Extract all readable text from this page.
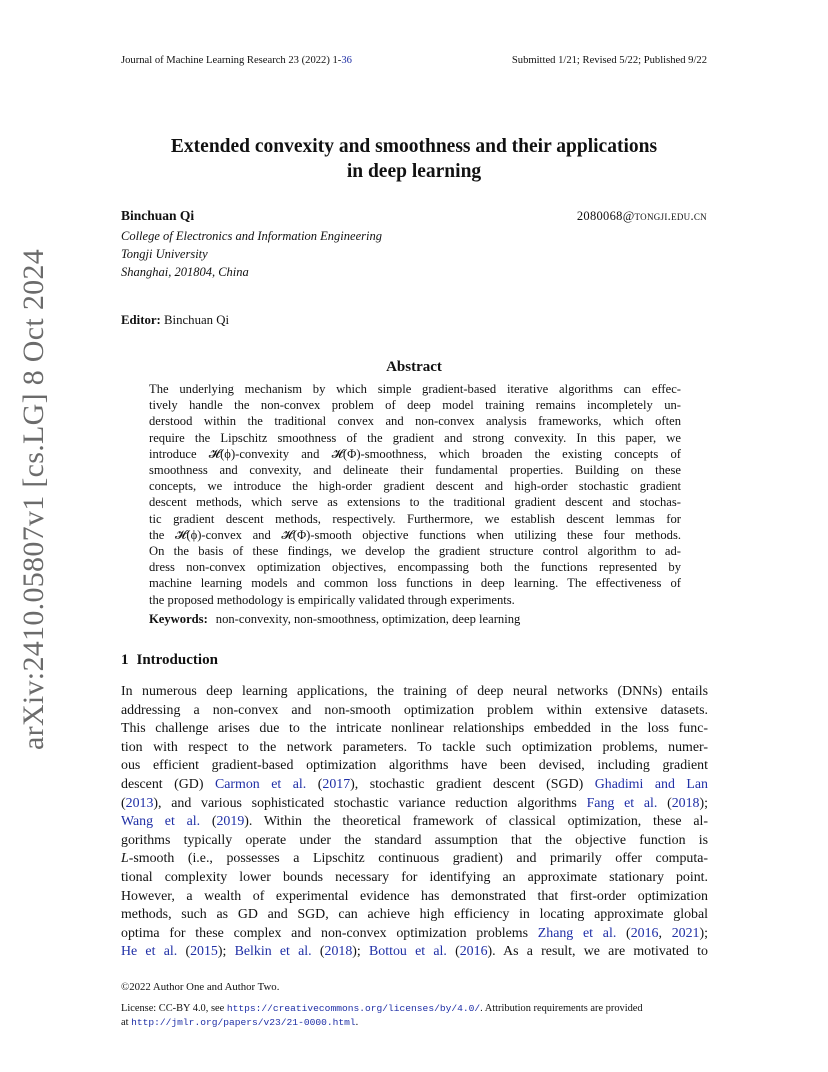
Journal of Machine Learning Research 23 (2022) 1-36	Submitted 1/21; Revised 5/22; Published 9/22
arXiv:2410.05807v1 [cs.LG] 8 Oct 2024
Extended convexity and smoothness and their applications
in deep learning
Binchuan Qi	2080068@tongji.edu.cn
College of Electronics and Information Engineering
Tongji University
Shanghai, 201804, China
Editor: Binchuan Qi
Abstract
The underlying mechanism by which simple gradient-based iterative algorithms can effec-
tively handle the non-convex problem of deep model training remains incompletely un-
derstood within the traditional convex and non-convex analysis frameworks, which often
require the Lipschitz smoothness of the gradient and strong convexity. In this paper, we
introduce 𝓗(ϕ)-convexity and 𝓗(Φ)-smoothness, which broaden the existing concepts of
smoothness and convexity, and delineate their fundamental properties. Building on these
concepts, we introduce the high-order gradient descent and high-order stochastic gradient
descent methods, which serve as extensions to the traditional gradient descent and stochas-
tic gradient descent methods, respectively. Furthermore, we establish descent lemmas for
the 𝓗(ϕ)-convex and 𝓗(Φ)-smooth objective functions when utilizing these four methods.
On the basis of these findings, we develop the gradient structure control algorithm to ad-
dress non-convex optimization objectives, encompassing both the functions represented by
machine learning models and common loss functions in deep learning. The effectiveness of
the proposed methodology is empirically validated through experiments.
Keywords: non-convexity, non-smoothness, optimization, deep learning
1 Introduction
In numerous deep learning applications, the training of deep neural networks (DNNs) entails
addressing a non-convex and non-smooth optimization problem within extensive datasets.
This challenge arises due to the intricate nonlinear relationships embedded in the loss func-
tion with respect to the network parameters. To tackle such optimization problems, numer-
ous efficient gradient-based optimization algorithms have been devised, including gradient
descent (GD) Carmon et al. (2017), stochastic gradient descent (SGD) Ghadimi and Lan
(2013), and various sophisticated stochastic variance reduction algorithms Fang et al. (2018);
Wang et al. (2019). Within the theoretical framework of classical optimization, these al-
gorithms typically operate under the standard assumption that the objective function is
L-smooth (i.e., possesses a Lipschitz continuous gradient) and primarily offer computa-
tional complexity lower bounds necessary for identifying an approximate stationary point.
However, a wealth of experimental evidence has demonstrated that first-order optimization
methods, such as GD and SGD, can achieve high efficiency in locating approximate global
optima for these complex and non-convex optimization problems Zhang et al. (2016, 2021);
He et al. (2015); Belkin et al. (2018); Bottou et al. (2016). As a result, we are motivated to
©2022 Author One and Author Two.
License: CC-BY 4.0, see https://creativecommons.org/licenses/by/4.0/. Attribution requirements are provided
at http://jmlr.org/papers/v23/21-0000.html.
